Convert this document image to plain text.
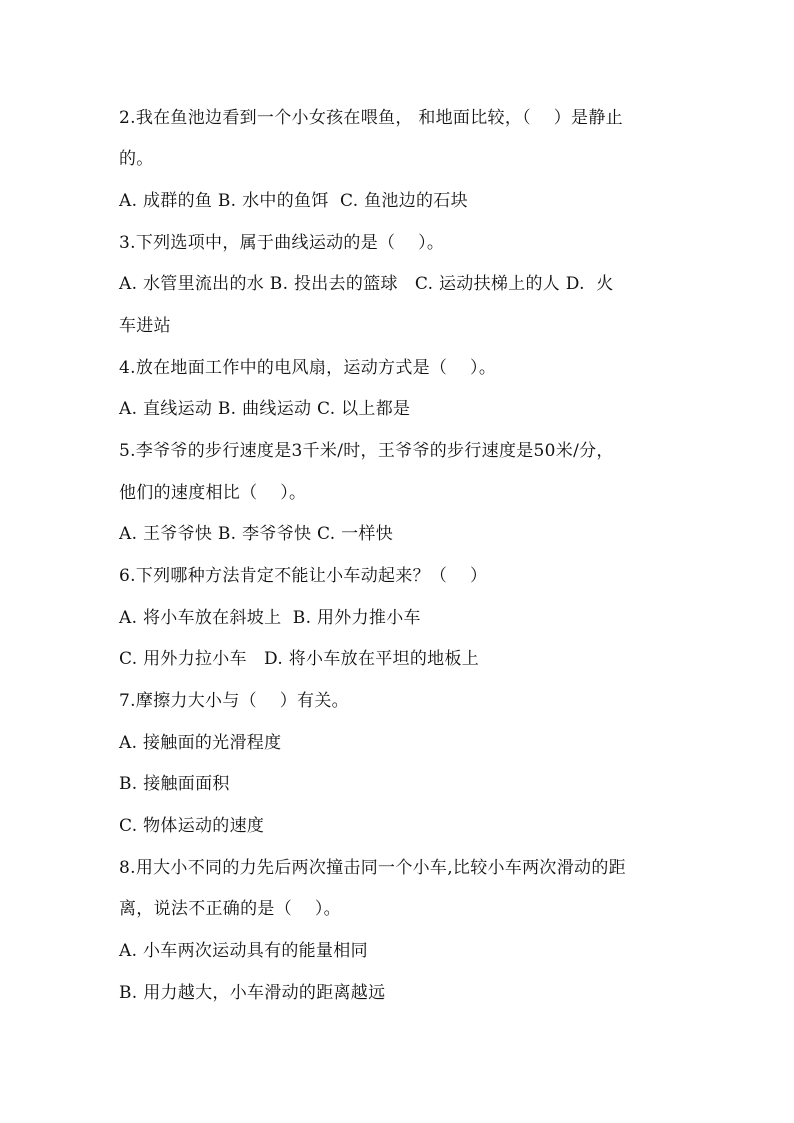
2.我在鱼池边看到一个小女孩在喂鱼， 和地面比较，（    ）是静止
的。
A. 成群的鱼 B. 水中的鱼饵  C. 鱼池边的石块
3.下列选项中，属于曲线运动的是（    ）。
A. 水管里流出的水 B. 投出去的篮球   C. 运动扶梯上的人 D.  火
车进站
4.放在地面工作中的电风扇，运动方式是（    ）。
A. 直线运动 B. 曲线运动 C. 以上都是
5.李爷爷的步行速度是3千米/时，王爷爷的步行速度是50米/分，
他们的速度相比（    ）。
A. 王爷爷快 B. 李爷爷快 C. 一样快
6.下列哪种方法肯定不能让小车动起来？（    ）
A. 将小车放在斜坡上  B. 用外力推小车
C. 用外力拉小车   D. 将小车放在平坦的地板上
7.摩擦力大小与（    ）有关。
A. 接触面的光滑程度
B. 接触面面积
C. 物体运动的速度
8.用大小不同的力先后两次撞击同一个小车,比较小车两次滑动的距
离，说法不正确的是（    ）。
A. 小车两次运动具有的能量相同
B. 用力越大，小车滑动的距离越远
